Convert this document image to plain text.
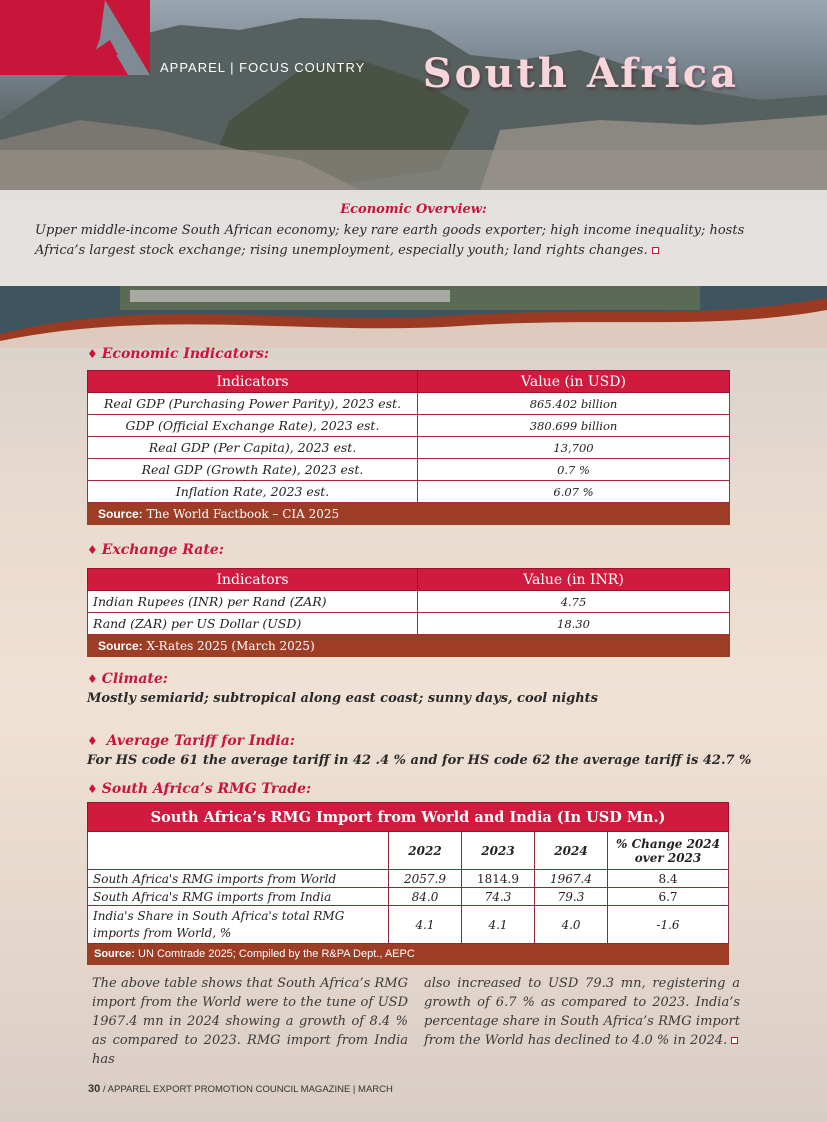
APPAREL | FOCUS COUNTRY South Africa
Economic Overview:

Upper middle-income South African economy; key rare earth goods exporter; high income inequality; hosts Africa’s largest stock exchange; rising unemployment, especially youth; land rights changes.

♦ Economic Indicators:
Indicators	Value (in USD)
Real GDP (Purchasing Power Parity), 2023 est.	865.402 billion
GDP (Official Exchange Rate), 2023 est.	380.699 billion
Real GDP (Per Capita), 2023 est.	13,700
Real GDP (Growth Rate), 2023 est.	0.7 %
Inflation Rate, 2023 est.	6.07 %
Source: The World Factbook – CIA 2025	
♦ Exchange Rate:
Indicators	Value (in INR)
Indian Rupees (INR) per Rand (ZAR)	4.75
Rand (ZAR) per US Dollar (USD)	18.30
Source: X-Rates 2025 (March 2025)	
♦ Climate:
Mostly semiarid; subtropical along east coast; sunny days, cool nights
♦ Average Tariff for India:
For HS code 61 the average tariff in 42 .4 % and for HS code 62 the average tariff is 42.7 %
♦ South Africa’s RMG Trade:
South Africa’s RMG Import from World and India (In USD Mn.)				
	2022	2023	2024	% Change 2024 over 2023
South Africa's RMG imports from World	2057.9	1814.9	1967.4	8.4
South Africa's RMG imports from India	84.0	74.3	79.3	6.7
India's Share in South Africa's total RMG imports from World, %	4.1	4.1	4.0	-1.6
Source: UN Comtrade 2025; Compiled by the R&PA Dept., AEPC				

The above table shows that South Africa’s RMG import from the World were to the tune of USD 1967.4 mn in 2024 showing a growth of 8.4 % as compared to 2023. RMG import from India has

also increased to USD 79.3 mn, registering a growth of 6.7 % as compared to 2023. India’s percentage share in South Africa’s RMG import from the World has declined to 4.0 % in 2024.

30 / APPAREL EXPORT PROMOTION COUNCIL MAGAZINE | MARCH
